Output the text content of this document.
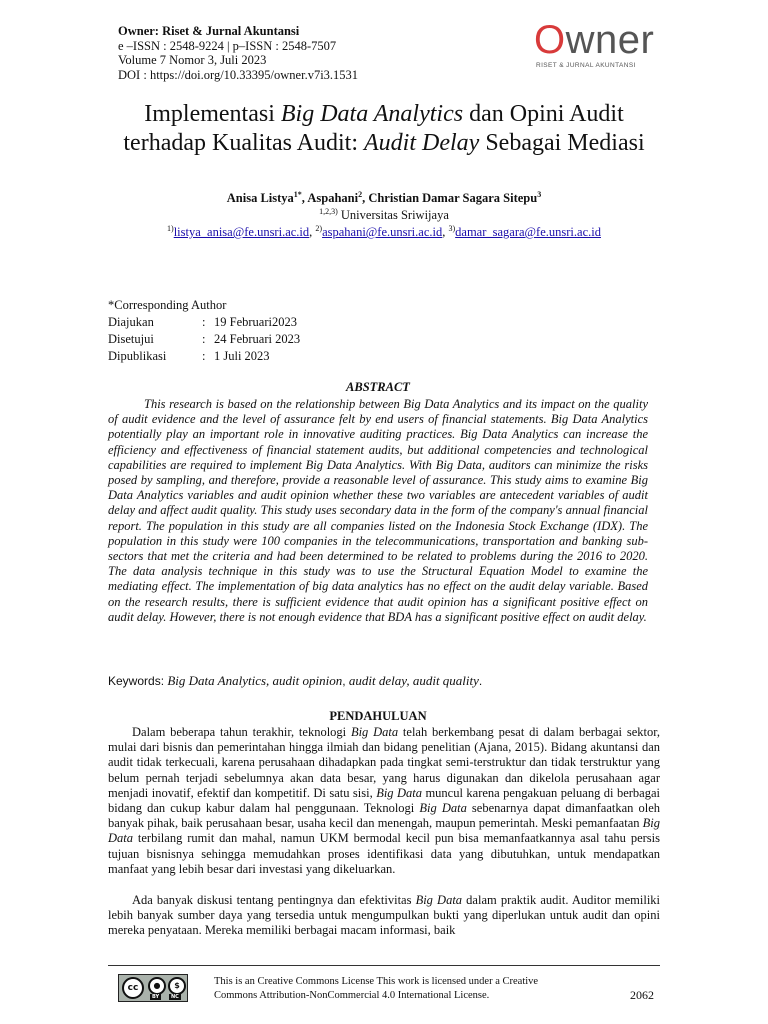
Owner: Riset & Jurnal Akuntansi
e –ISSN : 2548-9224 | p–ISSN : 2548-7507
Volume 7 Nomor 3, Juli 2023
DOI : https://doi.org/10.33395/owner.v7i3.1531
Owner
RISET & JURNAL AKUNTANSI
Implementasi Big Data Analytics dan Opini Audit
terhadap Kualitas Audit: Audit Delay Sebagai Mediasi
Anisa Listya$^{1*}$, Aspahani$^2$, Christian Damar Sagara Sitepu$^3$
$^{1,2,3)}$ Universitas Sriwijaya
$^{1)}$listya_anisa@fe.unsri.ac.id, $^{2)}$aspahani@fe.unsri.ac.id, $^{3)}$damar_sagara@fe.unsri.ac.id
*Corresponding Author
Diajukan	: 19 Februari2023
Disetujui	: 24 Februari 2023
Dipublikasi	: 1 Juli 2023
ABSTRACT

This research is based on the relationship between Big Data Analytics and its impact on the quality of audit evidence and the level of assurance felt by end users of financial statements. Big Data Analytics potentially play an important role in innovative auditing practices. Big Data Analytics can increase the efficiency and effectiveness of financial statement audits, but additional competencies and technological capabilities are required to implement Big Data Analytics. With Big Data, auditors can minimize the risks posed by sampling, and therefore, provide a reasonable level of assurance. This study aims to examine Big Data Analytics variables and audit opinion whether these two variables are antecedent variables of audit delay and affect audit quality. This study uses secondary data in the form of the company's annual financial report. The population in this study are all companies listed on the Indonesia Stock Exchange (IDX). The population in this study were 100 companies in the telecommunications, transportation and banking sub-sectors that met the criteria and had been determined to be related to problems during the 2016 to 2020. The data analysis technique in this study was to use the Structural Equation Model to examine the mediating effect. The implementation of big data analytics has no effect on the audit delay variable. Based on the research results, there is sufficient evidence that audit opinion has a significant positive effect on audit delay. However, there is not enough evidence that BDA has a significant positive effect on audit delay.

Keywords: Big Data Analytics, audit opinion, audit delay, audit quality.
PENDAHULUAN

Dalam beberapa tahun terakhir, teknologi Big Data telah berkembang pesat di dalam berbagai sektor, mulai dari bisnis dan pemerintahan hingga ilmiah dan bidang penelitian (Ajana, 2015). Bidang akuntansi dan audit tidak terkecuali, karena perusahaan dihadapkan pada tingkat semi-terstruktur dan tidak terstruktur yang belum pernah terjadi sebelumnya akan data besar, yang harus digunakan dan dikelola perusahaan agar menjadi inovatif, efektif dan kompetitif. Di satu sisi, Big Data muncul karena pengakuan peluang di berbagai bidang dan cukup kabur dalam hal penggunaan. Teknologi Big Data sebenarnya dapat dimanfaatkan oleh banyak pihak, baik perusahaan besar, usaha kecil dan menengah, maupun pemerintah. Meski pemanfaatan Big Data terbilang rumit dan mahal, namun UKM bermodal kecil pun bisa memanfaatkannya asal tahu persis tujuan bisnisnya sehingga memudahkan proses identifikasi data yang dibutuhkan, untuk mendapatkan manfaat yang lebih besar dari investasi yang dikeluarkan.

Ada banyak diskusi tentang pentingnya dan efektivitas Big Data dalam praktik audit. Auditor memiliki lebih banyak sumber daya yang tersedia untuk mengumpulkan bukti yang diperlukan untuk audit dan opini mereka penyataan. Mereka memiliki berbagai macam informasi, baik

cc	●	$
BY	NC
This is an Creative Commons License This work is licensed under a Creative
Commons Attribution-NonCommercial 4.0 International License.	2062
